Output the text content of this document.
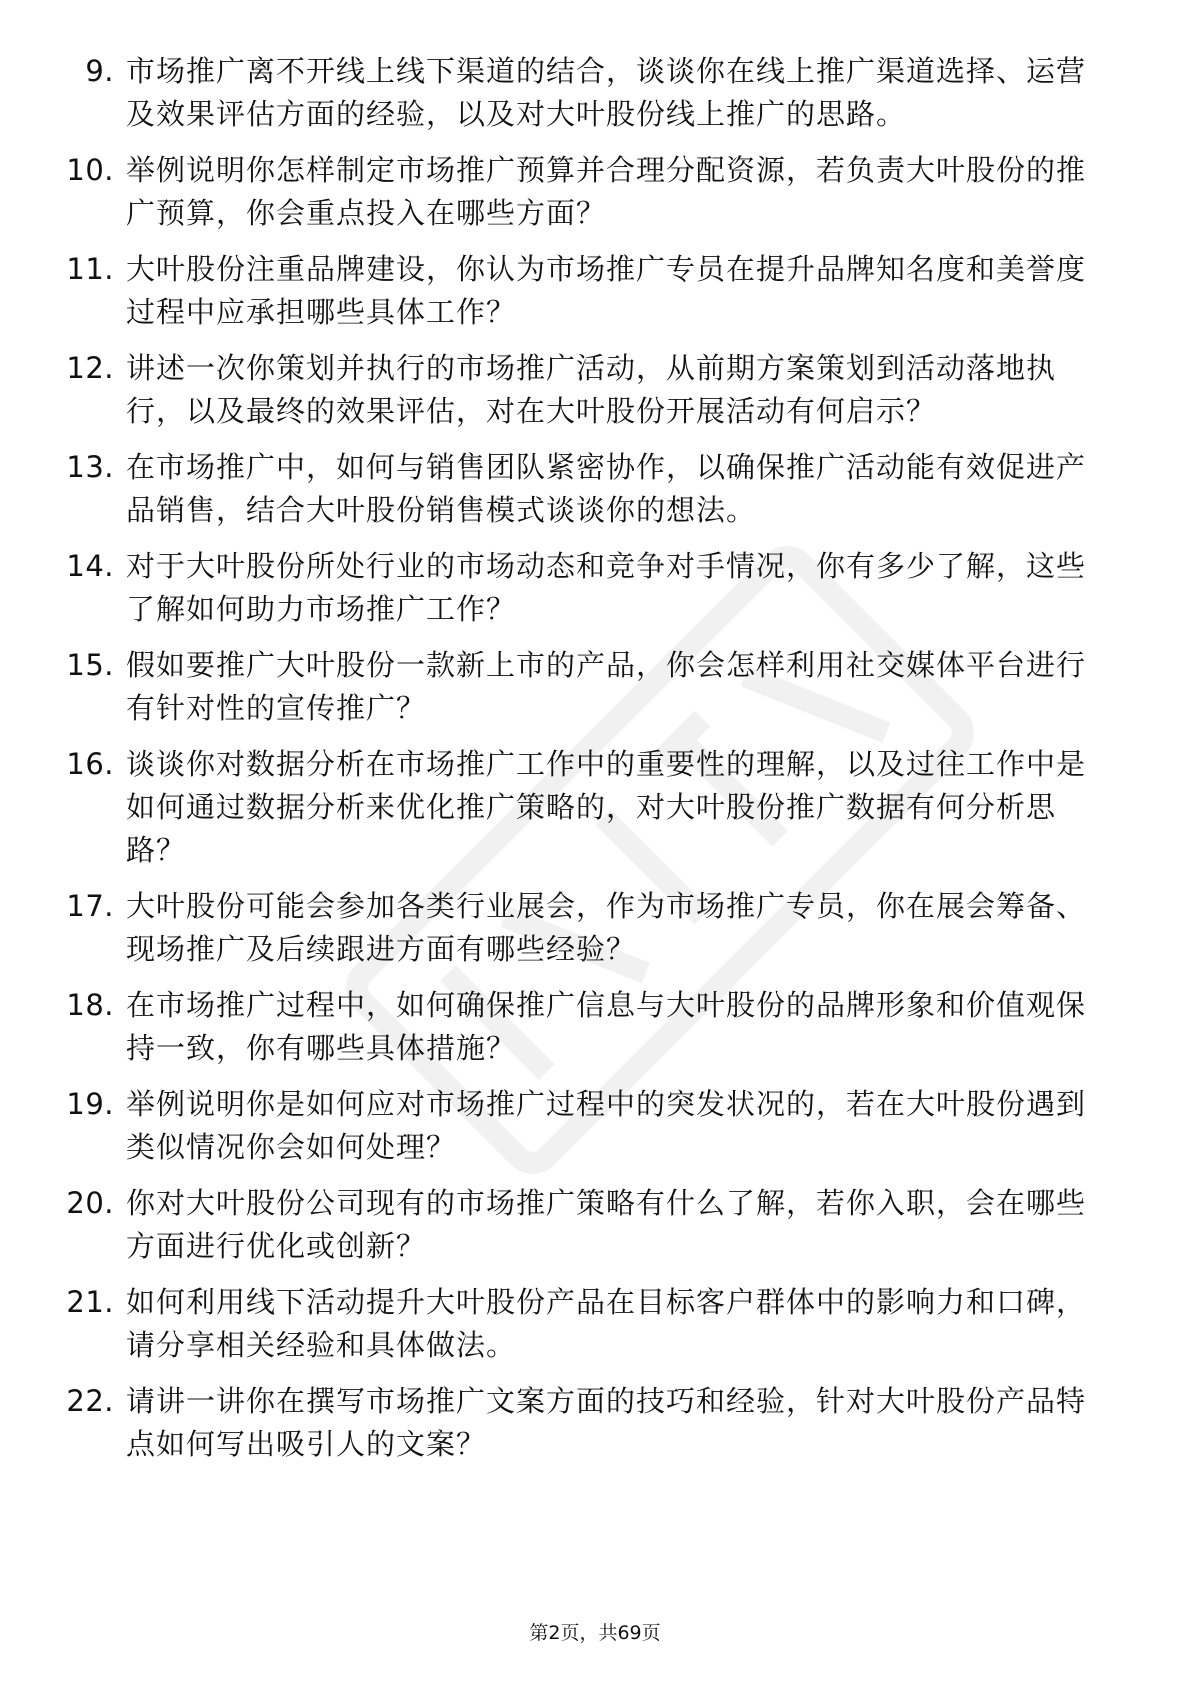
9. 市场推广离不开线上线下渠道的结合，谈谈你在线上推广渠道选择、运营及效果评估方面的经验，以及对大叶股份线上推广的思路。
10. 举例说明你怎样制定市场推广预算并合理分配资源，若负责大叶股份的推广预算，你会重点投入在哪些方面？
11. 大叶股份注重品牌建设，你认为市场推广专员在提升品牌知名度和美誉度过程中应承担哪些具体工作？
12. 讲述一次你策划并执行的市场推广活动，从前期方案策划到活动落地执行，以及最终的效果评估，对在大叶股份开展活动有何启示？
13. 在市场推广中，如何与销售团队紧密协作，以确保推广活动能有效促进产品销售，结合大叶股份销售模式谈谈你的想法。
14. 对于大叶股份所处行业的市场动态和竞争对手情况，你有多少了解，这些了解如何助力市场推广工作？
15. 假如要推广大叶股份一款新上市的产品，你会怎样利用社交媒体平台进行有针对性的宣传推广？
16. 谈谈你对数据分析在市场推广工作中的重要性的理解，以及过往工作中是如何通过数据分析来优化推广策略的，对大叶股份推广数据有何分析思路？
17. 大叶股份可能会参加各类行业展会，作为市场推广专员，你在展会筹备、现场推广及后续跟进方面有哪些经验？
18. 在市场推广过程中，如何确保推广信息与大叶股份的品牌形象和价值观保持一致，你有哪些具体措施？
19. 举例说明你是如何应对市场推广过程中的突发状况的，若在大叶股份遇到类似情况你会如何处理？
20. 你对大叶股份公司现有的市场推广策略有什么了解，若你入职，会在哪些方面进行优化或创新？
21. 如何利用线下活动提升大叶股份产品在目标客户群体中的影响力和口碑，请分享相关经验和具体做法。
22. 请讲一讲你在撰写市场推广文案方面的技巧和经验，针对大叶股份产品特点如何写出吸引人的文案？
第2页，共69页
